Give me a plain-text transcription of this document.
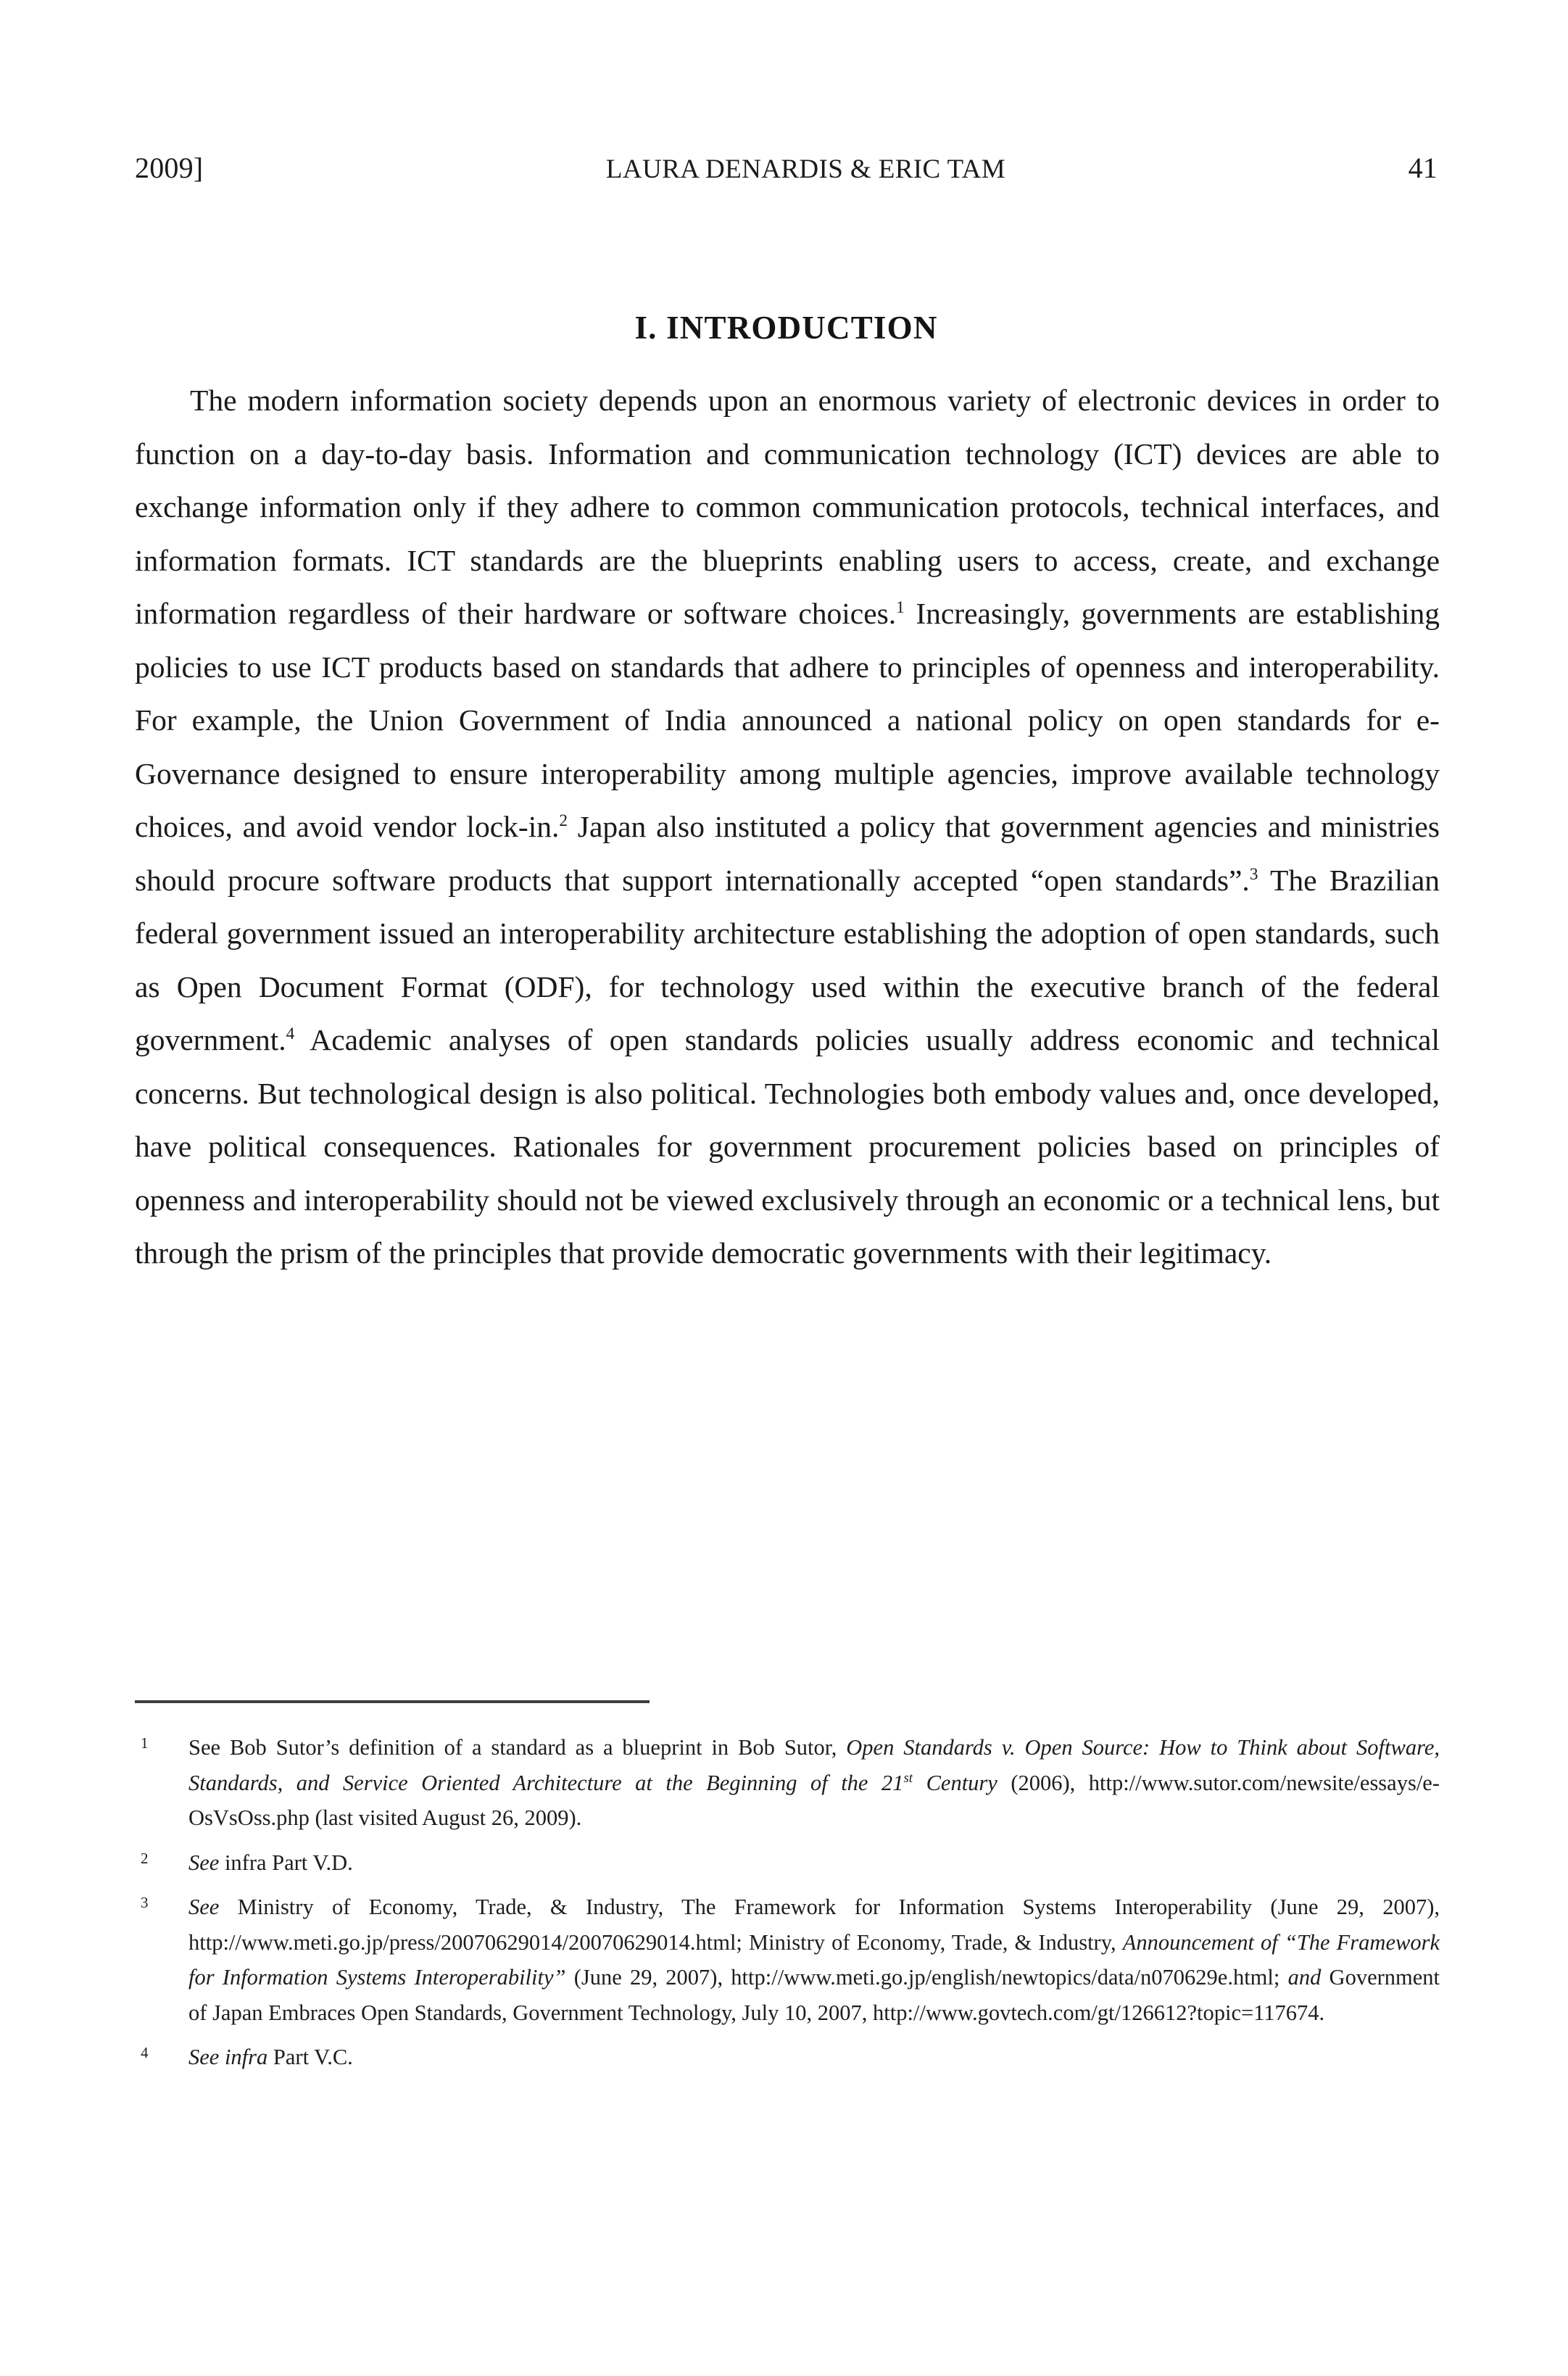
2009]	LAURA DENARDIS & ERIC TAM	41
I. INTRODUCTION

The modern information society depends upon an enormous variety of electronic devices in order to function on a day-to-day basis. Information and communication technology (ICT) devices are able to exchange information only if they adhere to common communication protocols, technical interfaces, and information formats. ICT standards are the blueprints enabling users to access, create, and exchange information regardless of their hardware or software choices.$^1$ Increasingly, governments are establishing policies to use ICT products based on standards that adhere to principles of openness and interoperability. For example, the Union Government of India announced a national policy on open standards for e-Governance designed to ensure interoperability among multiple agencies, improve available technology choices, and avoid vendor lock-in.$^2$ Japan also instituted a policy that government agencies and ministries should procure software products that support internationally accepted “open standards”.$^3$ The Brazilian federal government issued an interoperability architecture establishing the adoption of open standards, such as Open Document Format (ODF), for technology used within the executive branch of the federal government.$^4$ Academic analyses of open standards policies usually address economic and technical concerns. But technological design is also political. Technologies both embody values and, once developed, have political consequences. Rationales for government procurement policies based on principles of openness and interoperability should not be viewed exclusively through an economic or a technical lens, but through the prism of the principles that provide democratic governments with their legitimacy.

1 See Bob Sutor’s definition of a standard as a blueprint in Bob Sutor, Open Standards v. Open Source: How to Think about Software, Standards, and Service Oriented Architecture at the Beginning of the 21st Century (2006), http://www.sutor.com/newsite/essays/e-OsVsOss.php (last visited August 26, 2009).
2 See infra Part V.D.
3 See Ministry of Economy, Trade, & Industry, The Framework for Information Systems Interoperability (June 29, 2007), http://www.meti.go.jp/press/20070629014/20070629014.html; Ministry of Economy, Trade, & Industry, Announcement of “The Framework for Information Systems Interoperability” (June 29, 2007), http://www.meti.go.jp/english/newtopics/data/n070629e.html; and Government of Japan Embraces Open Standards, Government Technology, July 10, 2007, http://www.govtech.com/gt/126612?topic=117674.
4 See infra Part V.C.
